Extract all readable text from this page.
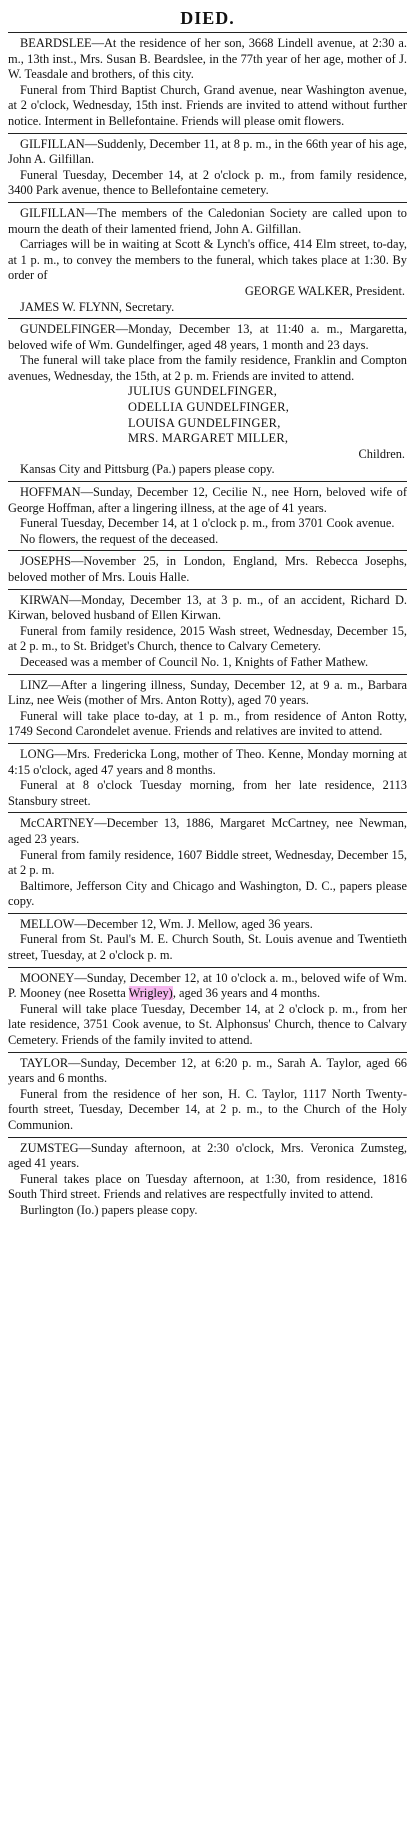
DIED.

BEARDSLEE—At the residence of her son, 3668 Lindell avenue, at 2:30 a. m., 13th inst., Mrs. Susan B. Beardslee, in the 77th year of her age, mother of J. W. Teasdale and brothers, of this city.

Funeral from Third Baptist Church, Grand avenue, near Washington avenue, at 2 o'clock, Wednesday, 15th inst. Friends are invited to attend without further notice. Interment in Bellefontaine. Friends will please omit flowers.

GILFILLAN—Suddenly, December 11, at 8 p. m., in the 66th year of his age, John A. Gilfillan.

Funeral Tuesday, December 14, at 2 o'clock p. m., from family residence, 3400 Park avenue, thence to Bellefontaine cemetery.

GILFILLAN—The members of the Caledonian Society are called upon to mourn the death of their lamented friend, John A. Gilfillan.

Carriages will be in waiting at Scott & Lynch's office, 414 Elm street, to-day, at 1 p. m., to convey the members to the funeral, which takes place at 1:30. By order of

GEORGE WALKER, President.

JAMES W. FLYNN, Secretary.

GUNDELFINGER—Monday, December 13, at 11:40 a. m., Margaretta, beloved wife of Wm. Gundelfinger, aged 48 years, 1 month and 23 days.

The funeral will take place from the family residence, Franklin and Compton avenues, Wednesday, the 15th, at 2 p. m. Friends are invited to attend.

JULIUS GUNDELFINGER,
ODELLIA GUNDELFINGER,
LOUISA GUNDELFINGER,
MRS. MARGARET MILLER,
Children.

Kansas City and Pittsburg (Pa.) papers please copy.

HOFFMAN—Sunday, December 12, Cecilie N., nee Horn, beloved wife of George Hoffman, after a lingering illness, at the age of 41 years.

Funeral Tuesday, December 14, at 1 o'clock p. m., from 3701 Cook avenue.

No flowers, the request of the deceased.

JOSEPHS—November 25, in London, England, Mrs. Rebecca Josephs, beloved mother of Mrs. Louis Halle.

KIRWAN—Monday, December 13, at 3 p. m., of an accident, Richard D. Kirwan, beloved husband of Ellen Kirwan.

Funeral from family residence, 2015 Wash street, Wednesday, December 15, at 2 p. m., to St. Bridget's Church, thence to Calvary Cemetery.

Deceased was a member of Council No. 1, Knights of Father Mathew.

LINZ—After a lingering illness, Sunday, December 12, at 9 a. m., Barbara Linz, nee Weis (mother of Mrs. Anton Rotty), aged 70 years.

Funeral will take place to-day, at 1 p. m., from residence of Anton Rotty, 1749 Second Carondelet avenue. Friends and relatives are invited to attend.

LONG—Mrs. Fredericka Long, mother of Theo. Kenne, Monday morning at 4:15 o'clock, aged 47 years and 8 months.

Funeral at 8 o'clock Tuesday morning, from her late residence, 2113 Stansbury street.

McCARTNEY—December 13, 1886, Margaret McCartney, nee Newman, aged 23 years.

Funeral from family residence, 1607 Biddle street, Wednesday, December 15, at 2 p. m.

Baltimore, Jefferson City and Chicago and Washington, D. C., papers please copy.

MELLOW—December 12, Wm. J. Mellow, aged 36 years.

Funeral from St. Paul's M. E. Church South, St. Louis avenue and Twentieth street, Tuesday, at 2 o'clock p. m.

MOONEY—Sunday, December 12, at 10 o'clock a. m., beloved wife of Wm. P. Mooney (nee Rosetta Wrigley), aged 36 years and 4 months.

Funeral will take place Tuesday, December 14, at 2 o'clock p. m., from her late residence, 3751 Cook avenue, to St. Alphonsus' Church, thence to Calvary Cemetery. Friends of the family invited to attend.

TAYLOR—Sunday, December 12, at 6:20 p. m., Sarah A. Taylor, aged 66 years and 6 months.

Funeral from the residence of her son, H. C. Taylor, 1117 North Twenty-fourth street, Tuesday, December 14, at 2 p. m., to the Church of the Holy Communion.

ZUMSTEG—Sunday afternoon, at 2:30 o'clock, Mrs. Veronica Zumsteg, aged 41 years.

Funeral takes place on Tuesday afternoon, at 1:30, from residence, 1816 South Third street. Friends and relatives are respectfully invited to attend.

Burlington (Io.) papers please copy.
